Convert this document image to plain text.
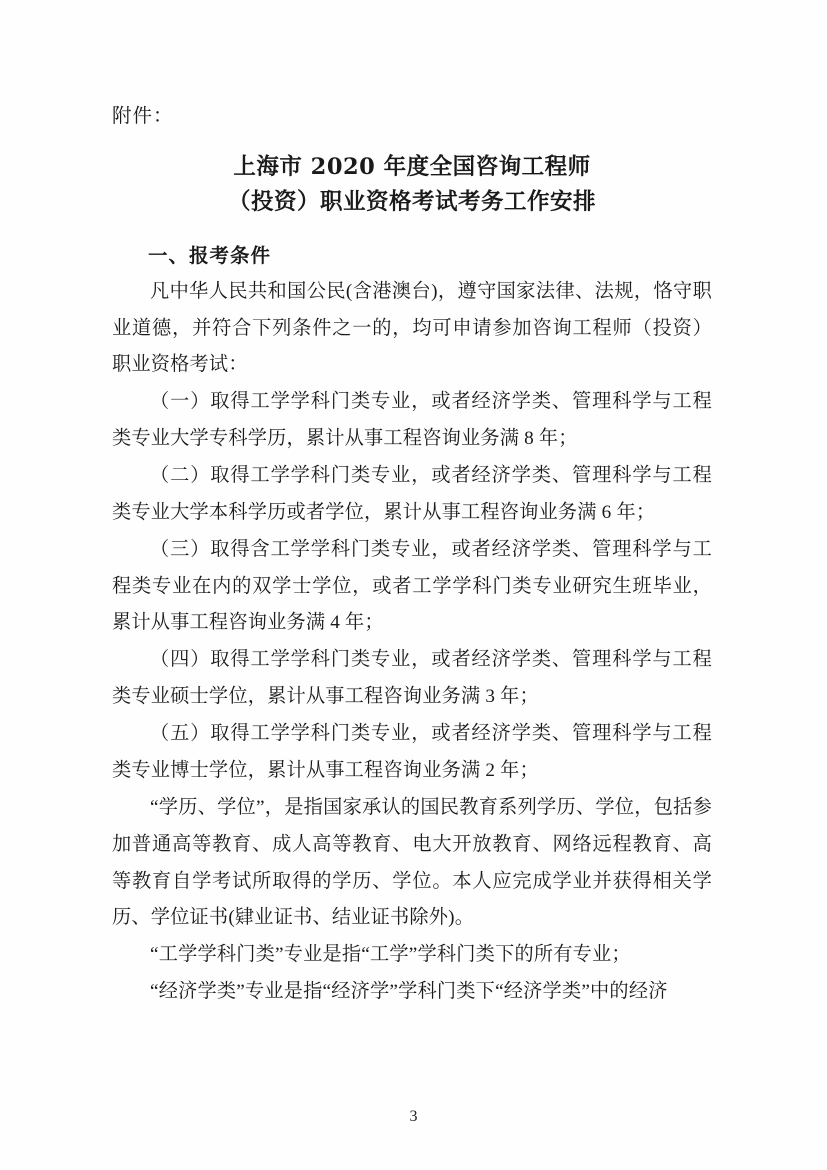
附件：
上海市 2020 年度全国咨询工程师
（投资）职业资格考试考务工作安排
一、报考条件

凡中华人民共和国公民(含港澳台)，遵守国家法律、法规，恪守职业道德，并符合下列条件之一的，均可申请参加咨询工程师（投资）职业资格考试：

（一）取得工学学科门类专业，或者经济学类、管理科学与工程类专业大学专科学历，累计从事工程咨询业务满 8 年；

（二）取得工学学科门类专业，或者经济学类、管理科学与工程类专业大学本科学历或者学位，累计从事工程咨询业务满 6 年；

（三）取得含工学学科门类专业，或者经济学类、管理科学与工程类专业在内的双学士学位，或者工学学科门类专业研究生班毕业，累计从事工程咨询业务满 4 年；

（四）取得工学学科门类专业，或者经济学类、管理科学与工程类专业硕士学位，累计从事工程咨询业务满 3 年；

（五）取得工学学科门类专业，或者经济学类、管理科学与工程类专业博士学位，累计从事工程咨询业务满 2 年；

“学历、学位”，是指国家承认的国民教育系列学历、学位，包括参加普通高等教育、成人高等教育、电大开放教育、网络远程教育、高等教育自学考试所取得的学历、学位。本人应完成学业并获得相关学历、学位证书(肄业证书、结业证书除外)。

“工学学科门类”专业是指“工学”学科门类下的所有专业；

“经济学类”专业是指“经济学”学科门类下“经济学类”中的经济

3
